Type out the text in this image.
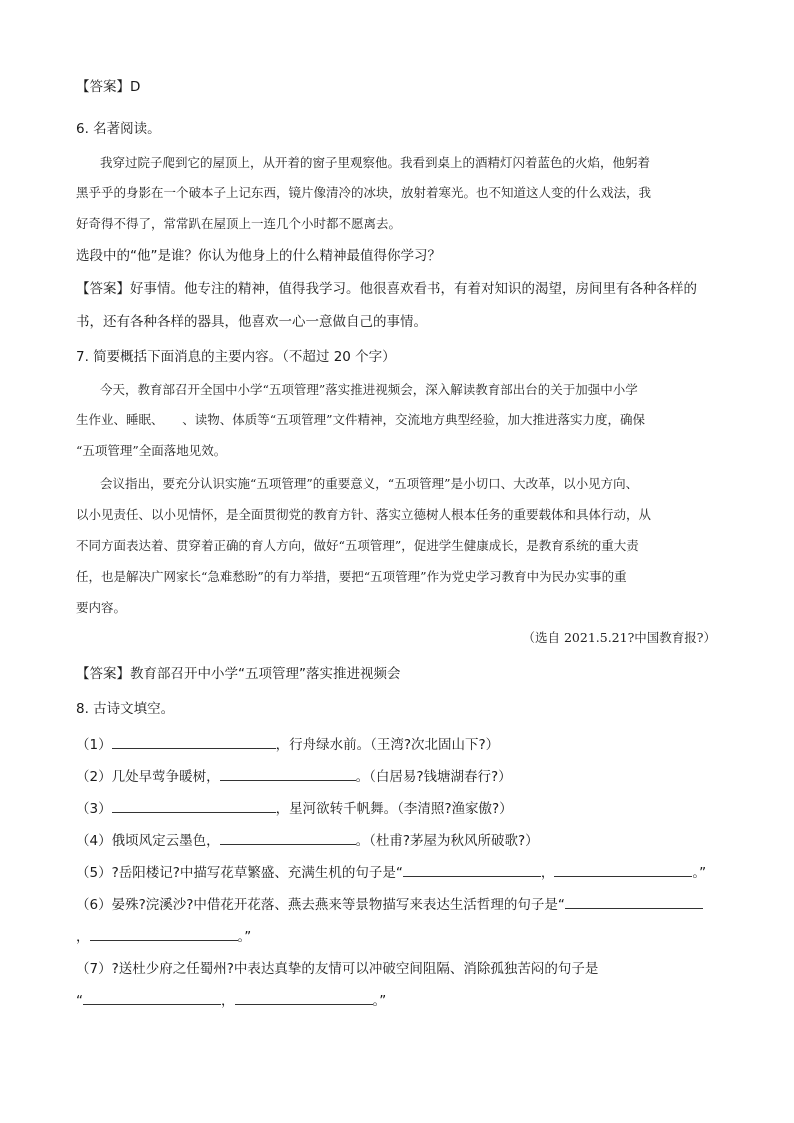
【答案】D
6. 名著阅读。
我穿过院子爬到它的屋顶上，从开着的窗子里观察他。我看到桌上的酒精灯闪着蓝色的火焰，他躬着
黑乎乎的身影在一个破本子上记东西，镜片像清冷的冰块，放射着寒光。也不知道这人变的什么戏法，我
好奇得不得了，常常趴在屋顶上一连几个小时都不愿离去。
选段中的“他”是谁？你认为他身上的什么精神最值得你学习？
【答案】好事情。他专注的精神，值得我学习。他很喜欢看书，有着对知识的渴望，房间里有各种各样的
书，还有各种各样的器具，他喜欢一心一意做自己的事情。
7. 简要概括下面消息的主要内容。（不超过 20 个字）
今天，教育部召开全国中小学“五项管理”落实推进视频会，深入解读教育部出台的关于加强中小学
生作业、睡眠、　　、读物、体质等“五项管理”文件精神，交流地方典型经验，加大推进落实力度，确保
“五项管理”全面落地见效。
会议指出，要充分认识实施“五项管理”的重要意义，“五项管理”是小切口、大改革，以小见方向、
以小见责任、以小见情怀，是全面贯彻党的教育方针、落实立德树人根本任务的重要载体和具体行动，从
不同方面表达着、贯穿着正确的育人方向，做好“五项管理”，促进学生健康成长，是教育系统的重大责
任，也是解决广网家长“急难愁盼”的有力举措，要把“五项管理”作为党史学习教育中为民办实事的重
要内容。
（选自 2021.5.21?中国教育报?）
【答案】教育部召开中小学“五项管理”落实推进视频会
8. 古诗文填空。
（1）	，行舟绿水前。（王湾?次北固山下?）
（2）几处早莺争暖树，	。（白居易?钱塘湖春行?）
（3）	，星河欲转千帆舞。（李清照?渔家傲?）
（4）俄顷风定云墨色，	。（杜甫?茅屋为秋风所破歌?）
（5）?岳阳楼记?中描写花草繁盛、充满生机的句子是“	，	。”
（6）晏殊?浣溪沙?中借花开花落、燕去燕来等景物描写来表达生活哲理的句子是“
，	。”
（7）?送杜少府之任蜀州?中表达真挚的友情可以冲破空间阻隔、消除孤独苦闷的句子是
“	，	。”
